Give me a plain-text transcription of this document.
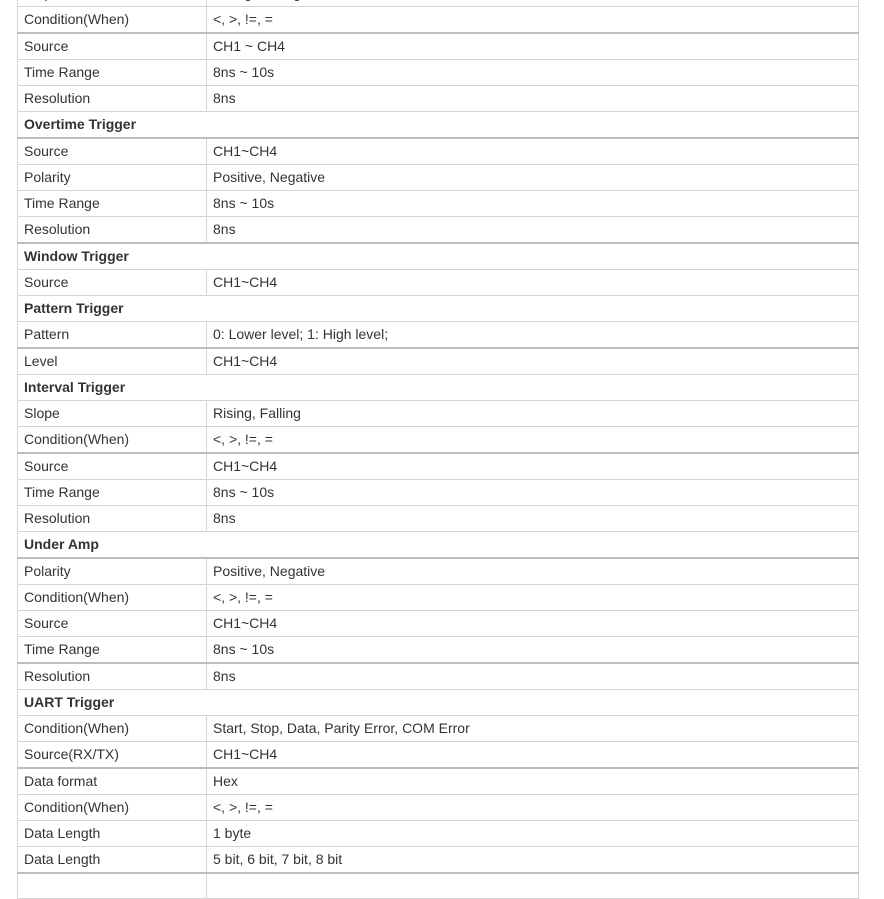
Condition(When)	<, >, !=, =
Source	CH1 ~ CH4
Time Range	8ns ~ 10s
Resolution	8ns
Overtime Trigger	
Source	CH1~CH4
Polarity	Positive, Negative
Time Range	8ns ~ 10s
Resolution	8ns
Window Trigger	
Source	CH1~CH4
Pattern Trigger	
Pattern	0: Lower level; 1: High level;
Level	CH1~CH4
Interval Trigger	
Slope	Rising, Falling
Condition(When)	<, >, !=, =
Source	CH1~CH4
Time Range	8ns ~ 10s
Resolution	8ns
Under Amp	
Polarity	Positive, Negative
Condition(When)	<, >, !=, =
Source	CH1~CH4
Time Range	8ns ~ 10s
Resolution	8ns
UART Trigger	
Condition(When)	Start, Stop, Data, Parity Error, COM Error
Source(RX/TX)	CH1~CH4
Data format	Hex
Condition(When)	<, >, !=, =
Data Length	1 byte
Data Length	5 bit, 6 bit, 7 bit, 8 bit
